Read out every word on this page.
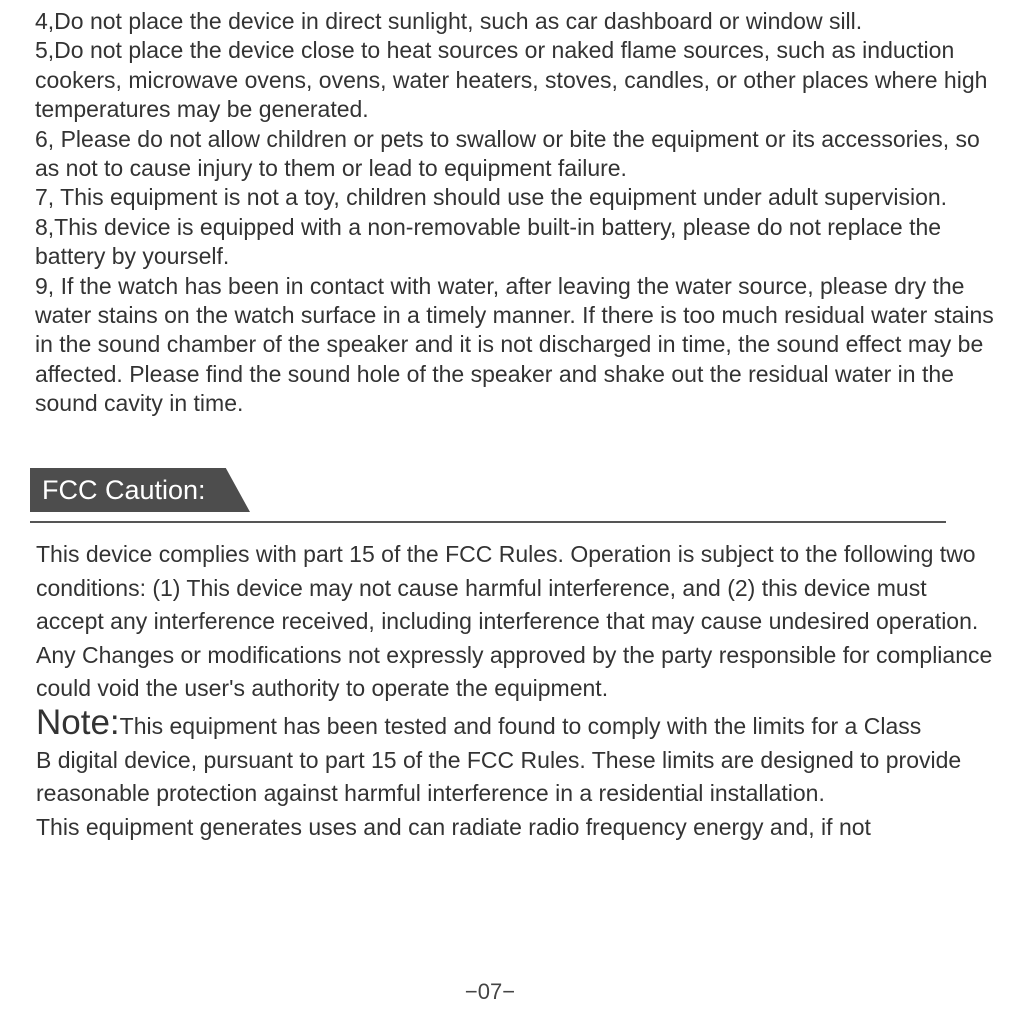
4,Do not place the device in direct sunlight, such as car dashboard or window sill.
5,Do not place the device close to heat sources or naked flame sources, such as induction cookers, microwave ovens, ovens, water heaters, stoves, candles, or other places where high temperatures may be generated.
6, Please do not allow children or pets to swallow or bite the equipment or its accessories, so as not to cause injury to them or lead to equipment failure.
7, This equipment is not a toy, children should use the equipment under adult supervision.
8,This device is equipped with a non-removable built-in battery, please do not replace the battery by yourself.
9, If the watch has been in contact with water, after leaving the water source, please dry the water stains on the watch surface in a timely manner. If there is too much residual water stains in the sound chamber of the speaker and it is not discharged in time, the sound effect may be affected. Please find the sound hole of the speaker and shake out the residual water in the sound cavity in time.
FCC Caution:

This device complies with part 15 of the FCC Rules. Operation is subject to the following two conditions: (1) This device may not cause harmful interference, and (2) this device must accept any interference received, including interference that may cause undesired operation.

Any Changes or modifications not expressly approved by the party responsible for compliance could void the user's authority to operate the equipment.

Note:This equipment has been tested and found to comply with the limits for a Class

B digital device, pursuant to part 15 of the FCC Rules. These limits are designed to provide reasonable protection against harmful interference in a residential installation.

This equipment generates uses and can radiate radio frequency energy and, if not

−07−
